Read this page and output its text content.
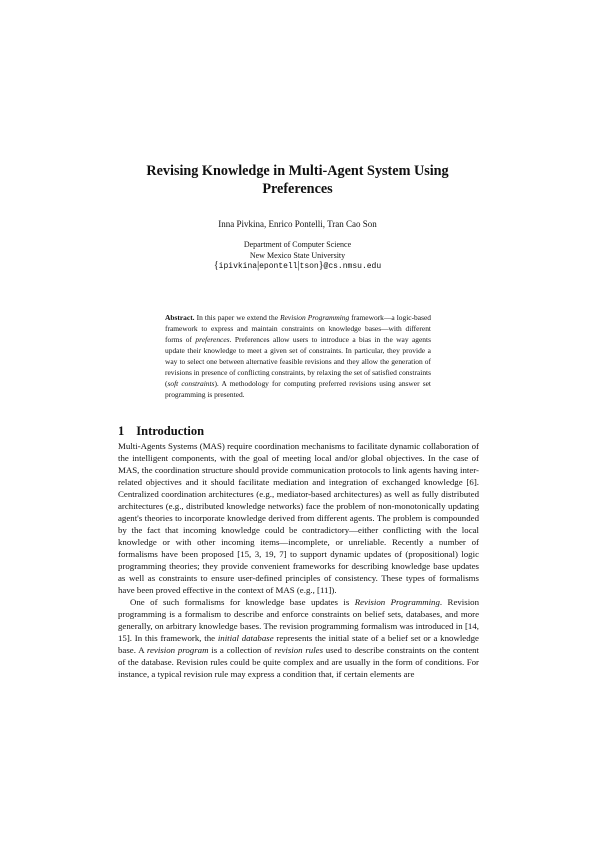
Revising Knowledge in Multi-Agent System Using Preferences
Inna Pivkina, Enrico Pontelli, Tran Cao Son
Department of Computer Science
New Mexico State University
{ipivkina|epontell|tson}@cs.nmsu.edu
Abstract. In this paper we extend the Revision Programming framework—a logic-based framework to express and maintain constraints on knowledge bases—with different forms of preferences. Preferences allow users to introduce a bias in the way agents update their knowledge to meet a given set of constraints. In particular, they provide a way to select one between alternative feasible revisions and they allow the generation of revisions in presence of conflicting constraints, by relaxing the set of satisfied constraints (soft constraints). A methodology for computing preferred revisions using answer set programming is presented.
1 Introduction

Multi-Agents Systems (MAS) require coordination mechanisms to facilitate dynamic collaboration of the intelligent components, with the goal of meeting local and/or global objectives. In the case of MAS, the coordination structure should provide communication protocols to link agents having inter-related objectives and it should facilitate mediation and integration of exchanged knowledge [6]. Centralized coordination architectures (e.g., mediator-based architectures) as well as fully distributed architectures (e.g., distributed knowledge networks) face the problem of non-monotonically updating agent's theories to incorporate knowledge derived from different agents. The problem is compounded by the fact that incoming knowledge could be contradictory—either conflicting with the local knowledge or with other incoming items—incomplete, or unreliable. Recently a number of formalisms have been proposed [15, 3, 19, 7] to support dynamic updates of (propositional) logic programming theories; they provide convenient frameworks for describing knowledge base updates as well as constraints to ensure user-defined principles of consistency. These types of formalisms have been proved effective in the context of MAS (e.g., [11]).

One of such formalisms for knowledge base updates is Revision Programming. Revision programming is a formalism to describe and enforce constraints on belief sets, databases, and more generally, on arbitrary knowledge bases. The revision programming formalism was introduced in [14, 15]. In this framework, the initial database represents the initial state of a belief set or a knowledge base. A revision program is a collection of revision rules used to describe constraints on the content of the database. Revision rules could be quite complex and are usually in the form of conditions. For instance, a typical revision rule may express a condition that, if certain elements are
